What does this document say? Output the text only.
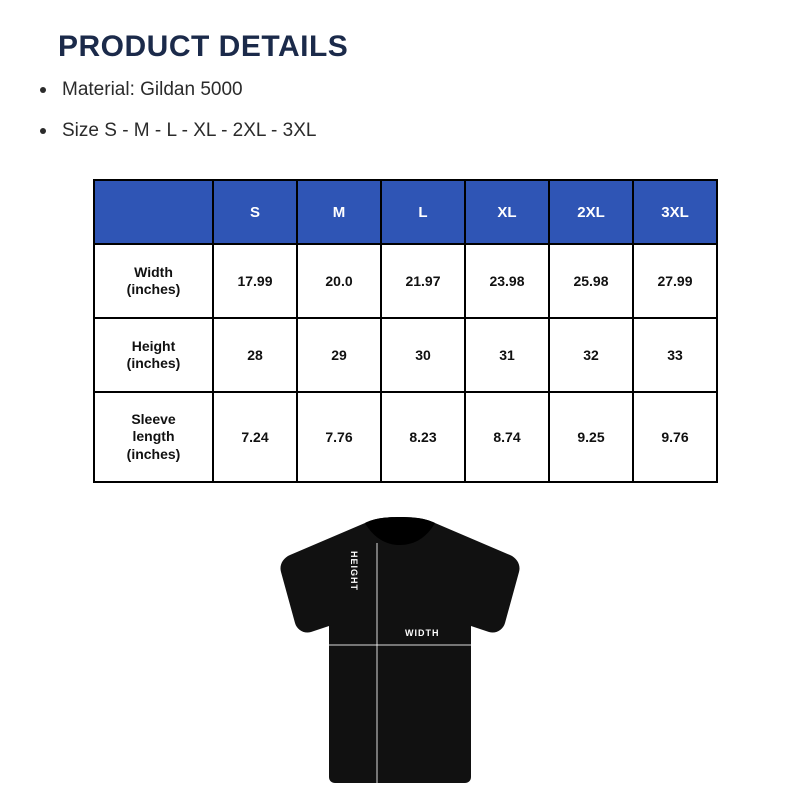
PRODUCT DETAILS
Material: Gildan 5000
Size S - M - L - XL - 2XL - 3XL
	S	M	L	XL	2XL	3XL

Width
(inches)	17.99	20.0	21.97	23.98	25.98	27.99

Height
(inches)	28	29	30	31	32	33

Sleeve
length
(inches)	7.24	7.76	8.23	8.74	9.25	9.76
HEIGHT
WIDTH
